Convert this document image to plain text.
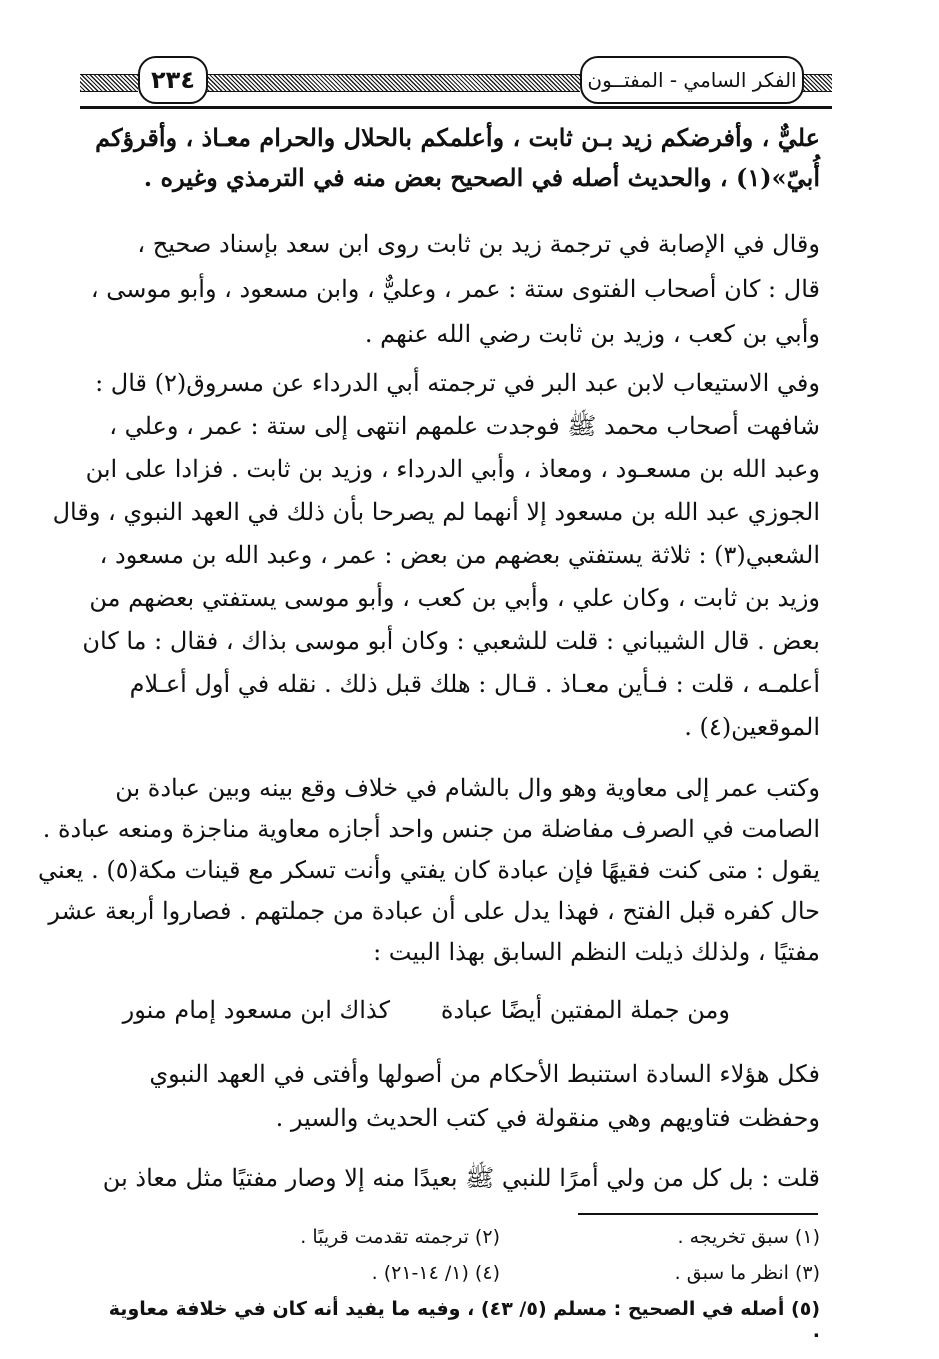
٢٣٤	الفكر السامي - المفتــون
عليٌّ ، وأفرضكم زيد بـن ثابت ، وأعلمكم بالحلال والحرام معـاذ ، وأقرؤكم
أُبيّ»(١) ، والحديث أصله في الصحيح بعض منه في الترمذي وغيره .
وقال في الإصابة في ترجمة زيد بن ثابت روى ابن سعد بإسناد صحيح ،
قال : كان أصحاب الفتوى ستة : عمر ، وعليٌّ ، وابن مسعود ، وأبو موسى ،
وأبي بن كعب ، وزيد بن ثابت رضي الله عنهم .
وفي الاستيعاب لابن عبد البر في ترجمته أبي الدرداء عن مسروق(٢) قال :
شافهت أصحاب محمد ﷺ فوجدت علمهم انتهى إلى ستة : عمر ، وعلي ،
وعبد الله بن مسعـود ، ومعاذ ، وأبي الدرداء ، وزيد بن ثابت . فزادا على ابن
الجوزي عبد الله بن مسعود إلا أنهما لم يصرحا بأن ذلك في العهد النبوي ، وقال
الشعبي(٣) : ثلاثة يستفتي بعضهم من بعض : عمر ، وعبد الله بن مسعود ،
وزيد بن ثابت ، وكان علي ، وأبي بن كعب ، وأبو موسى يستفتي بعضهم من
بعض . قال الشيباني : قلت للشعبي : وكان أبو موسى بذاك ، فقال : ما كان
أعلمـه ، قلت : فـأين معـاذ . قـال : هلك قبل ذلك . نقله في أول أعـلام
الموقعين(٤) .
وكتب عمر إلى معاوية وهو وال بالشام في خلاف وقع بينه وبين عبادة بن
الصامت في الصرف مفاضلة من جنس واحد أجازه معاوية مناجزة ومنعه عبادة .
يقول : متى كنت فقيهًا فإن عبادة كان يفتي وأنت تسكر مع قينات مكة(٥) . يعني
حال كفره قبل الفتح ، فهذا يدل على أن عبادة من جملتهم . فصاروا أربعة عشر
مفتيًا ، ولذلك ذيلت النظم السابق بهذا البيت :
ومن جملة المفتين أيضًا عبادة
كذاك ابن مسعود إمام منور
فكل هؤلاء السادة استنبط الأحكام من أصولها وأفتى في العهد النبوي
وحفظت فتاويهم وهي منقولة في كتب الحديث والسير .
قلت : بل كل من ولي أمرًا للنبي ﷺ بعيدًا منه إلا وصار مفتيًا مثل معاذ بن
(١) سبق تخريجه .
(٢) ترجمته تقدمت قريبًا .
(٣) انظر ما سبق .
(٤) (١/ ١٤-٢١) .
(٥) أصله في الصحيح : مسلم (٥/ ٤٣) ، وفيه ما يفيد أنه كان في خلافة معاوية .
